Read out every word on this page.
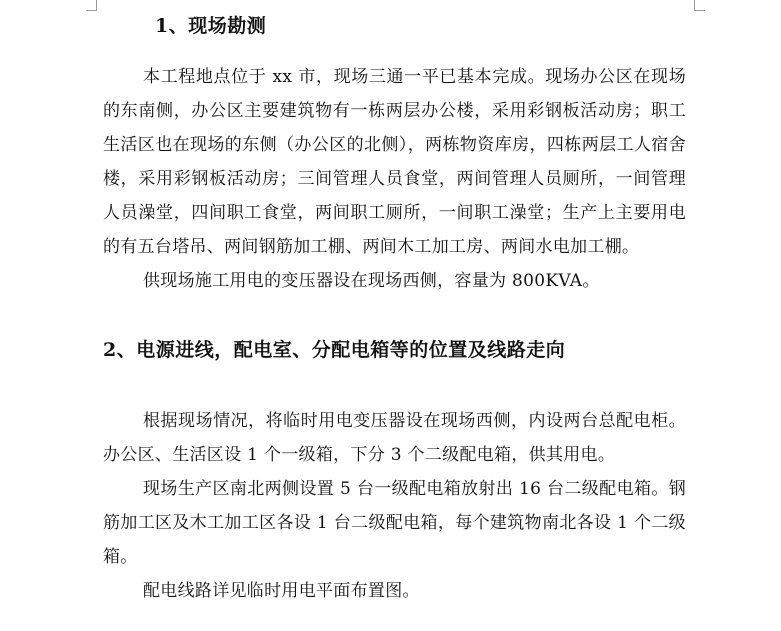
1、现场勘测

本工程地点位于 xx 市，现场三通一平已基本完成。现场办公区在现场的东南侧，办公区主要建筑物有一栋两层办公楼，采用彩钢板活动房；职工生活区也在现场的东侧（办公区的北侧），两栋物资库房，四栋两层工人宿舍楼，采用彩钢板活动房；三间管理人员食堂，两间管理人员厕所，一间管理人员澡堂，四间职工食堂，两间职工厕所，一间职工澡堂；生产上主要用电的有五台塔吊、两间钢筋加工棚、两间木工加工房、两间水电加工棚。

供现场施工用电的变压器设在现场西侧，容量为 800KVA。

2、电源进线，配电室、分配电箱等的位置及线路走向

根据现场情况，将临时用电变压器设在现场西侧，内设两台总配电柜。办公区、生活区设 1 个一级箱，下分 3 个二级配电箱，供其用电。

现场生产区南北两侧设置 5 台一级配电箱放射出 16 台二级配电箱。钢筋加工区及木工加工区各设 1 台二级配电箱，每个建筑物南北各设 1 个二级箱。

配电线路详见临时用电平面布置图。
